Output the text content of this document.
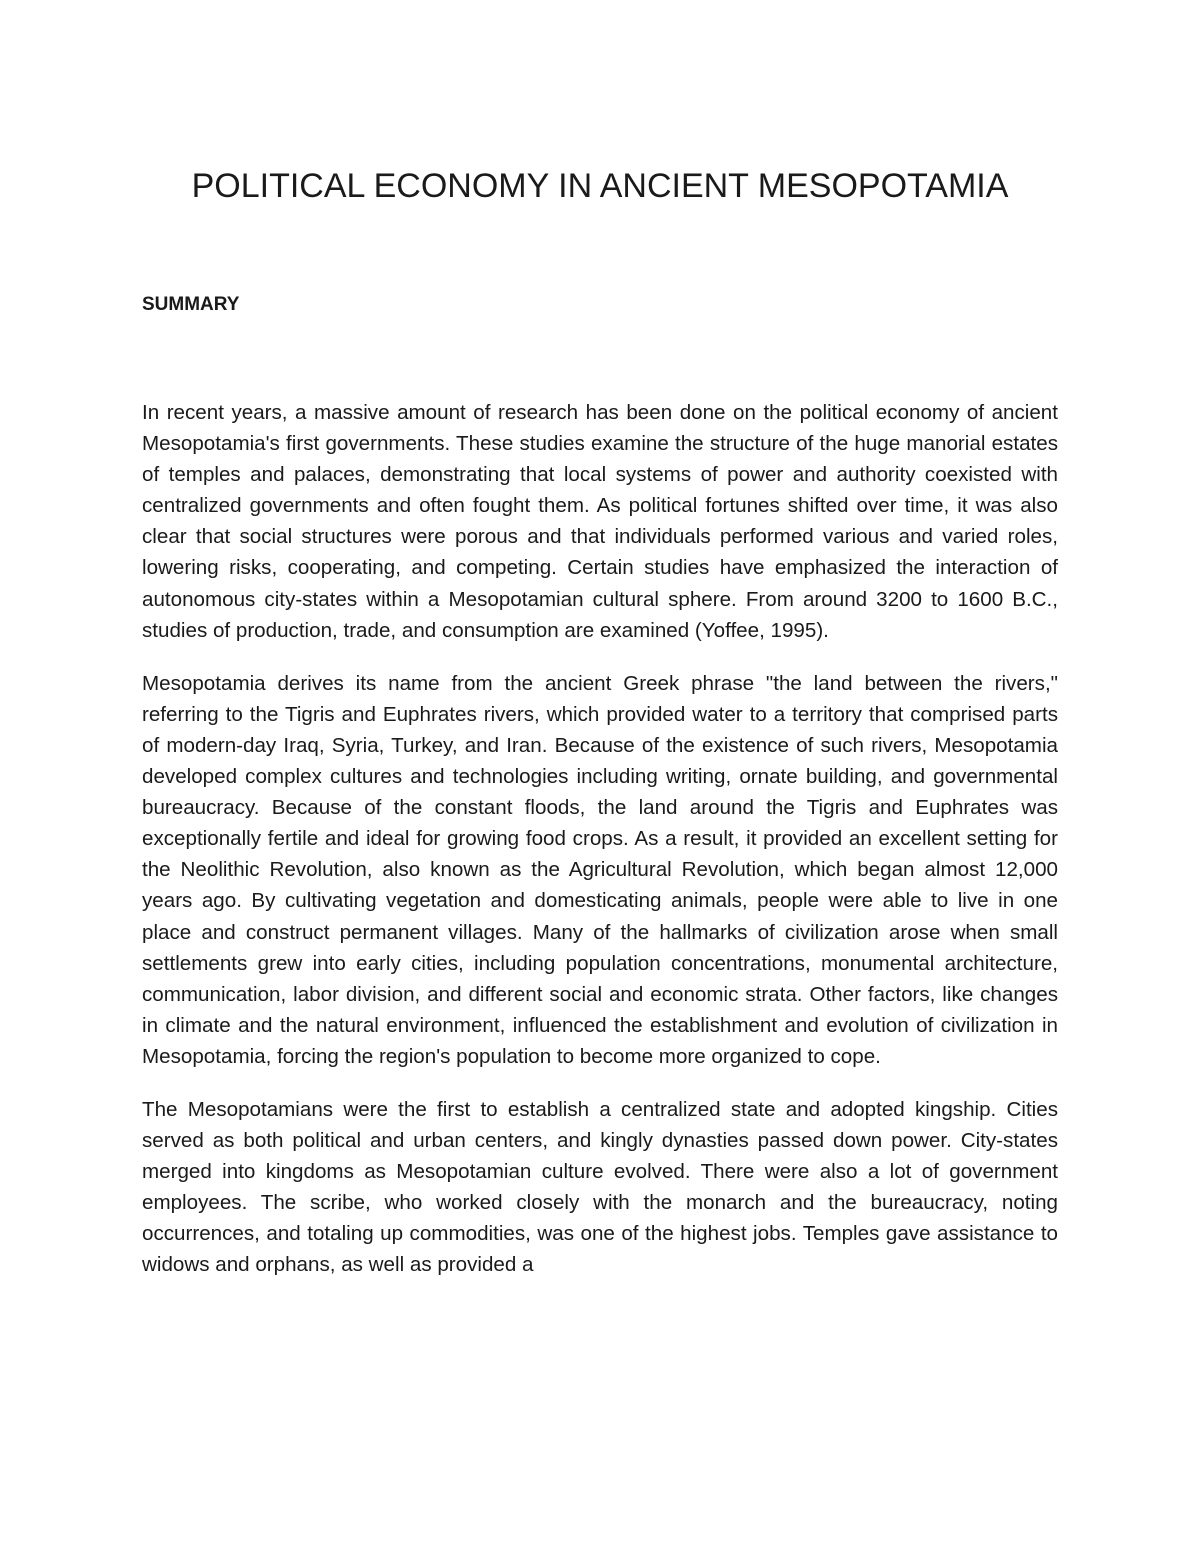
POLITICAL ECONOMY IN ANCIENT MESOPOTAMIA
SUMMARY

In recent years, a massive amount of research has been done on the political economy of ancient Mesopotamia's first governments. These studies examine the structure of the huge manorial estates of temples and palaces, demonstrating that local systems of power and authority coexisted with centralized governments and often fought them. As political fortunes shifted over time, it was also clear that social structures were porous and that individuals performed various and varied roles, lowering risks, cooperating, and competing. Certain studies have emphasized the interaction of autonomous city-states within a Mesopotamian cultural sphere. From around 3200 to 1600 B.C., studies of production, trade, and consumption are examined (Yoffee, 1995).

Mesopotamia derives its name from the ancient Greek phrase "the land between the rivers," referring to the Tigris and Euphrates rivers, which provided water to a territory that comprised parts of modern-day Iraq, Syria, Turkey, and Iran. Because of the existence of such rivers, Mesopotamia developed complex cultures and technologies including writing, ornate building, and governmental bureaucracy. Because of the constant floods, the land around the Tigris and Euphrates was exceptionally fertile and ideal for growing food crops. As a result, it provided an excellent setting for the Neolithic Revolution, also known as the Agricultural Revolution, which began almost 12,000 years ago. By cultivating vegetation and domesticating animals, people were able to live in one place and construct permanent villages. Many of the hallmarks of civilization arose when small settlements grew into early cities, including population concentrations, monumental architecture, communication, labor division, and different social and economic strata. Other factors, like changes in climate and the natural environment, influenced the establishment and evolution of civilization in Mesopotamia, forcing the region's population to become more organized to cope.

The Mesopotamians were the first to establish a centralized state and adopted kingship. Cities served as both political and urban centers, and kingly dynasties passed down power. City-states merged into kingdoms as Mesopotamian culture evolved. There were also a lot of government employees. The scribe, who worked closely with the monarch and the bureaucracy, noting occurrences, and totaling up commodities, was one of the highest jobs. Temples gave assistance to widows and orphans, as well as provided a
